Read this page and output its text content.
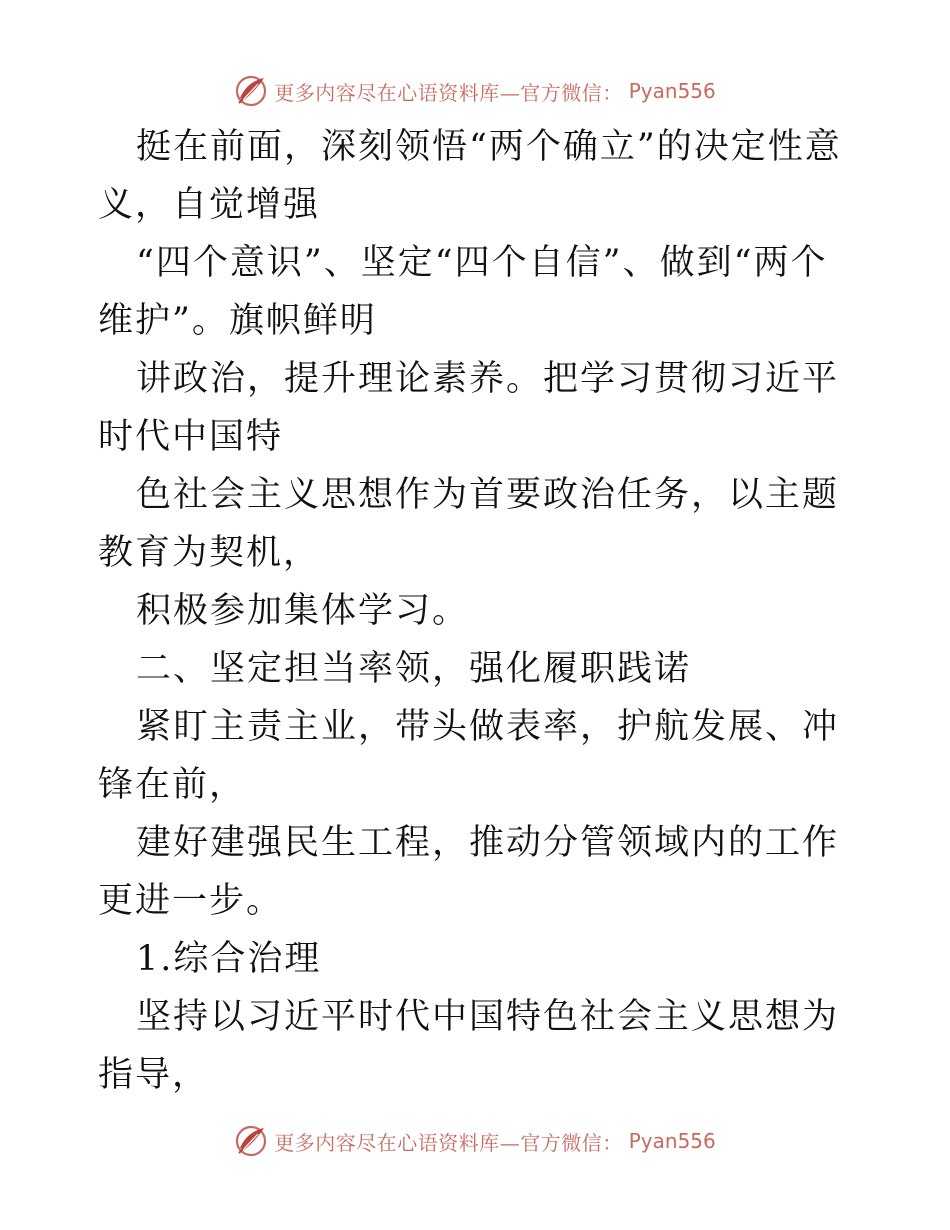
更多内容尽在心语资料库—官方微信： Pyan556

挺在前面，深刻领悟“两个确立”的决定性意义，自觉增强

“四个意识”、坚定“四个自信”、做到“两个维护”。旗帜鲜明

讲政治，提升理论素养。把学习贯彻习近平时代中国特

色社会主义思想作为首要政治任务，以主题教育为契机，

积极参加集体学习。

二、坚定担当率领，强化履职践诺

紧盯主责主业，带头做表率，护航发展、冲锋在前，

建好建强民生工程，推动分管领域内的工作更进一步。

1.综合治理

坚持以习近平时代中国特色社会主义思想为指导，

更多内容尽在心语资料库—官方微信： Pyan556
